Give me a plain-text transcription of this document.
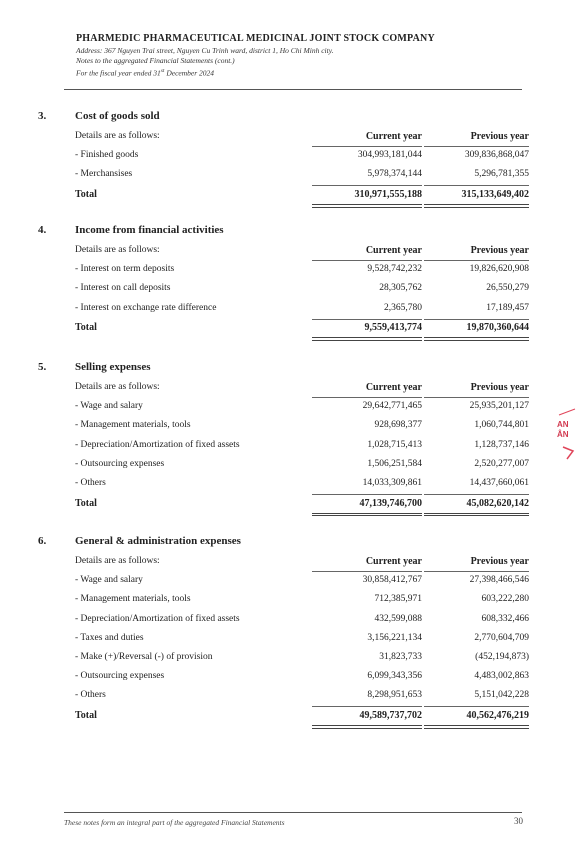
PHARMEDIC PHARMACEUTICAL MEDICINAL JOINT STOCK COMPANY
Address: 367 Nguyen Trai street, Nguyen Cu Trinh ward, district 1, Ho Chi Minh city.
Notes to the aggregated Financial Statements (cont.)
For the fiscal year ended 31st December 2024
3.	Cost of goods sold
Details are as follows:	Current year	Previous year
- Finished goods	304,993,181,044	309,836,868,047
- Merchansises	5,978,374,144	5,296,781,355
Total	310,971,555,188	315,133,649,402
4.	Income from financial activities
Details are as follows:	Current year	Previous year
- Interest on term deposits	9,528,742,232	19,826,620,908
- Interest on call deposits	28,305,762	26,550,279
- Interest on exchange rate difference	2,365,780	17,189,457
Total	9,559,413,774	19,870,360,644
5.	Selling expenses
Details are as follows:	Current year	Previous year
- Wage and salary	29,642,771,465	25,935,201,127
- Management materials, tools	928,698,377	1,060,744,801
- Depreciation/Amortization of fixed assets	1,028,715,413	1,128,737,146
- Outsourcing expenses	1,506,251,584	2,520,277,007
- Others	14,033,309,861	14,437,660,061
Total	47,139,746,700	45,082,620,142
6.	General & administration expenses
Details are as follows:	Current year	Previous year
- Wage and salary	30,858,412,767	27,398,466,546
- Management materials, tools	712,385,971	603,222,280
- Depreciation/Amortization of fixed assets	432,599,088	608,332,466
- Taxes and duties	3,156,221,134	2,770,604,709
- Make (+)/Reversal (-) of provision	31,823,733	(452,194,873)
- Outsourcing expenses	6,099,343,356	4,483,002,863
- Others	8,298,951,653	5,151,042,228
Total	49,589,737,702	40,562,476,219
AN
ÂN
These notes form an integral part of the aggregated Financial Statements	30
